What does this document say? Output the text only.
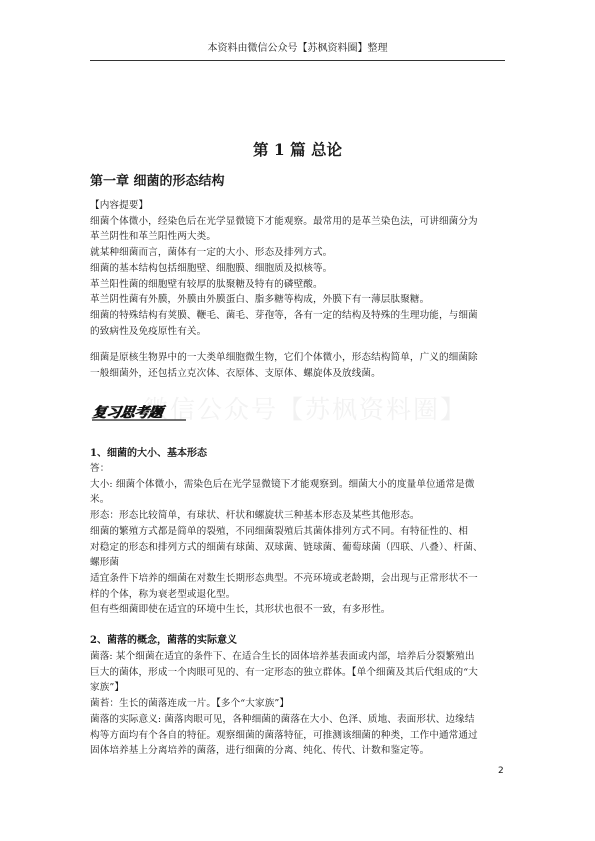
本资料由微信公众号【苏枫资料圈】整理
第 1 篇 总论
第一章 细菌的形态结构
【内容提要】
细菌个体微小，经染色后在光学显微镜下才能观察。最常用的是革兰染色法，可讲细菌分为
革兰阴性和革兰阳性两大类。
就某种细菌而言，菌体有一定的大小、形态及排列方式。
细菌的基本结构包括细胞壁、细胞膜、细胞质及拟核等。
革兰阳性菌的细胞壁有较厚的肽聚糖及特有的磷壁酸。
革兰阴性菌有外膜，外膜由外膜蛋白、脂多糖等构成，外膜下有一薄层肽聚糖。
细菌的特殊结构有荚膜、鞭毛、菌毛、芽孢等，各有一定的结构及特殊的生理功能，与细菌
的致病性及免疫原性有关。
细菌是原核生物界中的一大类单细胞微生物，它们个体微小，形态结构简单，广义的细菌除
一般细菌外，还包括立克次体、衣原体、支原体、螺旋体及放线菌。
微信公众号【苏枫资料圈】
复习思考题
1、细菌的大小、基本形态
答：
大小: 细菌个体微小，需染色后在光学显微镜下才能观察到。细菌大小的度量单位通常是微
米。
形态：形态比较简单，有球状、杆状和螺旋状三种基本形态及某些其他形态。
细菌的繁殖方式都是简单的裂殖，不同细菌裂殖后其菌体排列方式不同。有特征性的、相
对稳定的形态和排列方式的细菌有球菌、双球菌、链球菌、葡萄球菌（四联、八叠）、杆菌、
螺形菌
适宜条件下培养的细菌在对数生长期形态典型。不亮环境或老龄期，会出现与正常形状不一
样的个体，称为衰老型或退化型。
但有些细菌即使在适宜的环境中生长，其形状也很不一致，有多形性。
2、菌落的概念，菌落的实际意义
菌落: 某个细菌在适宜的条件下、在适合生长的固体培养基表面或内部，培养后分裂繁殖出
巨大的菌体，形成一个肉眼可见的、有一定形态的独立群体。【单个细菌及其后代组成的“大
家族”】
菌苔：生长的菌落连成一片。【多个“大家族”】
菌落的实际意义: 菌落肉眼可见，各种细菌的菌落在大小、色泽、质地、表面形状、边缘结
构等方面均有个各自的特征。观察细菌的菌落特征，可推测该细菌的种类，工作中通常通过
固体培养基上分离培养的菌落，进行细菌的分离、纯化、传代、计数和鉴定等。
2
